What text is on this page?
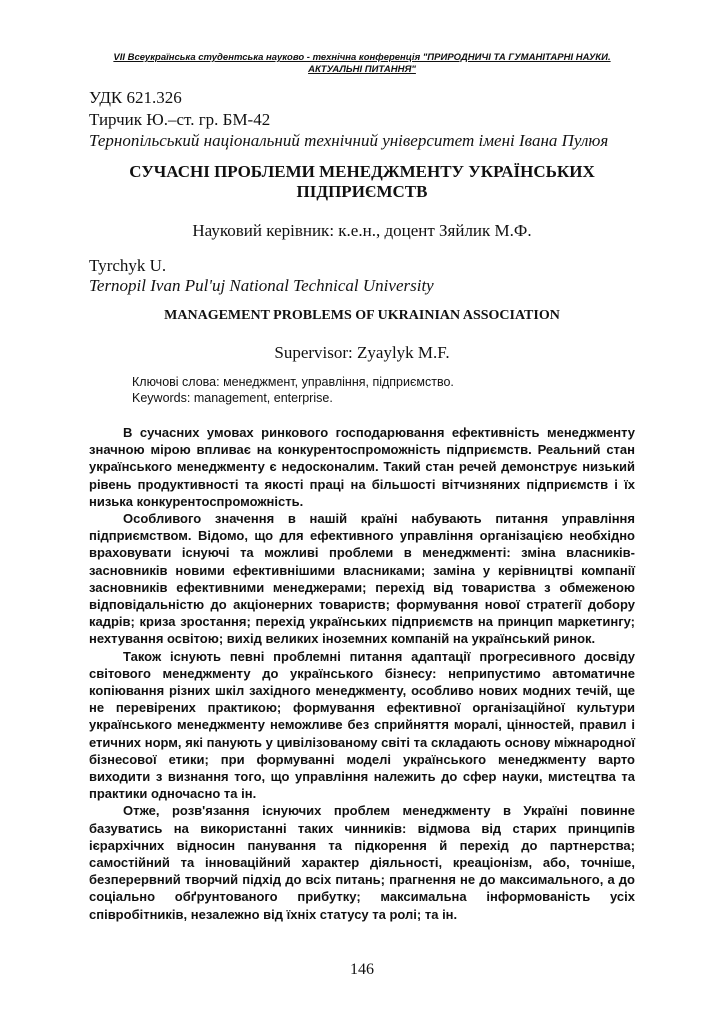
VII Всеукраїнська студентська науково - технічна конференція "ПРИРОДНИЧІ ТА ГУМАНІТАРНІ НАУКИ. АКТУАЛЬНІ ПИТАННЯ"
УДК 621.326
Тирчик Ю.–ст. гр. БМ-42
Тернопільський національний технічний університет імені Івана Пулюя
СУЧАСНІ ПРОБЛЕМИ МЕНЕДЖМЕНТУ УКРАЇНСЬКИХ ПІДПРИЄМСТВ
Науковий керівник: к.е.н., доцент Зяйлик М.Ф.
Tyrchyk U.
Ternopil Ivan Pul'uj National Technical University
MANAGEMENT PROBLEMS OF UKRAINIAN ASSOCIATION
Supervisor: Zyaylyk M.F.
Ключові слова: менеджмент, управління, підприємство.
Keywords: management, enterprise.

В сучасних умовах ринкового господарювання ефективність менеджменту значною мірою впливає на конкурентоспроможність підприємств. Реальний стан українського менеджменту є недосконалим. Такий стан речей демонструє низький рівень продуктивності та якості праці на більшості вітчизняних підприємств і їх низька конкурентоспроможність.

Особливого значення в нашій країні набувають питання управління підприємством. Відомо, що для ефективного управління організацією необхідно враховувати існуючі та можливі проблеми в менеджменті: зміна власників-засновників новими ефективнішими власниками; заміна у керівництві компанії засновників ефективними менеджерами; перехід від товариства з обмеженою відповідальністю до акціонерних товариств; формування нової стратегії добору кадрів; криза зростання; перехід українських підприємств на принцип маркетингу; нехтування освітою; вихід великих іноземних компаній на український ринок.

Також існують певні проблемні питання адаптації прогресивного досвіду світового менеджменту до українського бізнесу: неприпустимо автоматичне копіювання різних шкіл західного менеджменту, особливо нових модних течій, ще не перевірених практикою; формування ефективної організаційної культури українського менеджменту неможливе без сприйняття моралі, цінностей, правил і етичних норм, які панують у цивілізованому світі та складають основу міжнародної бізнесової етики; при формуванні моделі українського менеджменту варто виходити з визнання того, що управління належить до сфер науки, мистецтва та практики одночасно та ін.

Отже, розв'язання існуючих проблем менеджменту в Україні повинне базуватись на використанні таких чинників: відмова від старих принципів ієрархічних відносин панування та підкорення й перехід до партнерства; самостійний та інноваційний характер діяльності, креаціонізм, або, точніше, безперервний творчий підхід до всіх питань; прагнення не до максимального, а до соціально обґрунтованого прибутку; максимальна інформованість усіх співробітників, незалежно від їхніх статусу та ролі; та ін.

146
